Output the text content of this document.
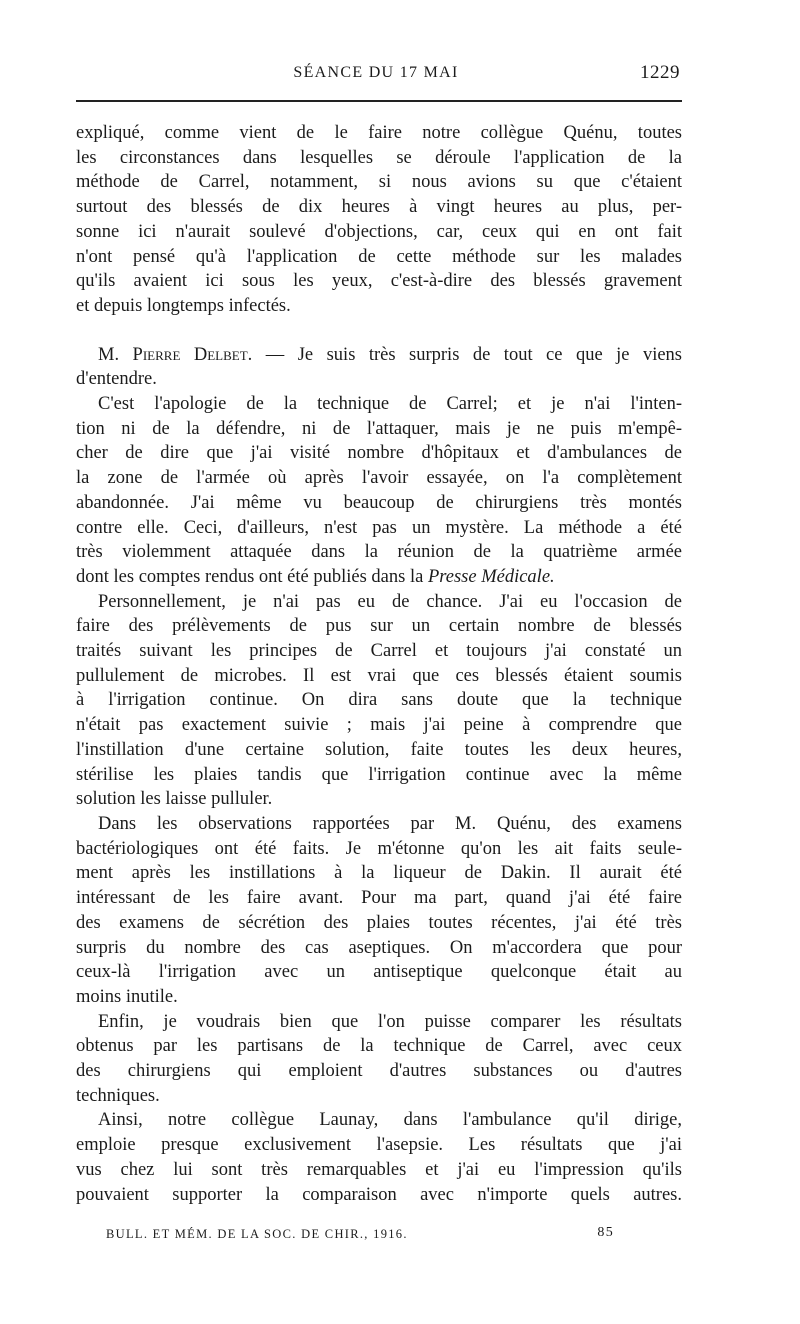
SÉANCE DU 17 MAI	1229

expliqué, comme vient de le faire notre collègue Quénu, toutes

les circonstances dans lesquelles se déroule l'application de la

méthode de Carrel, notamment, si nous avions su que c'étaient

surtout des blessés de dix heures à vingt heures au plus, per-

sonne ici n'aurait soulevé d'objections, car, ceux qui en ont fait

n'ont pensé qu'à l'application de cette méthode sur les malades

qu'ils avaient ici sous les yeux, c'est-à-dire des blessés gravement

et depuis longtemps infectés.

M. Pierre Delbet. — Je suis très surpris de tout ce que je viens

d'entendre.

C'est l'apologie de la technique de Carrel; et je n'ai l'inten-

tion ni de la défendre, ni de l'attaquer, mais je ne puis m'empê-

cher de dire que j'ai visité nombre d'hôpitaux et d'ambulances de

la zone de l'armée où après l'avoir essayée, on l'a complètement

abandonnée. J'ai même vu beaucoup de chirurgiens très montés

contre elle. Ceci, d'ailleurs, n'est pas un mystère. La méthode a été

très violemment attaquée dans la réunion de la quatrième armée

dont les comptes rendus ont été publiés dans la Presse Médicale.

Personnellement, je n'ai pas eu de chance. J'ai eu l'occasion de

faire des prélèvements de pus sur un certain nombre de blessés

traités suivant les principes de Carrel et toujours j'ai constaté un

pullulement de microbes. Il est vrai que ces blessés étaient soumis

à l'irrigation continue. On dira sans doute que la technique

n'était pas exactement suivie ; mais j'ai peine à comprendre que

l'instillation d'une certaine solution, faite toutes les deux heures,

stérilise les plaies tandis que l'irrigation continue avec la même

solution les laisse pulluler.

Dans les observations rapportées par M. Quénu, des examens

bactériologiques ont été faits. Je m'étonne qu'on les ait faits seule-

ment après les instillations à la liqueur de Dakin. Il aurait été

intéressant de les faire avant. Pour ma part, quand j'ai été faire

des examens de sécrétion des plaies toutes récentes, j'ai été très

surpris du nombre des cas aseptiques. On m'accordera que pour

ceux-là l'irrigation avec un antiseptique quelconque était au

moins inutile.

Enfin, je voudrais bien que l'on puisse comparer les résultats

obtenus par les partisans de la technique de Carrel, avec ceux

des chirurgiens qui emploient d'autres substances ou d'autres

techniques.

Ainsi, notre collègue Launay, dans l'ambulance qu'il dirige,

emploie presque exclusivement l'asepsie. Les résultats que j'ai

vus chez lui sont très remarquables et j'ai eu l'impression qu'ils

pouvaient supporter la comparaison avec n'importe quels autres.

BULL. ET MÉM. DE LA SOC. DE CHIR., 1916.	85
